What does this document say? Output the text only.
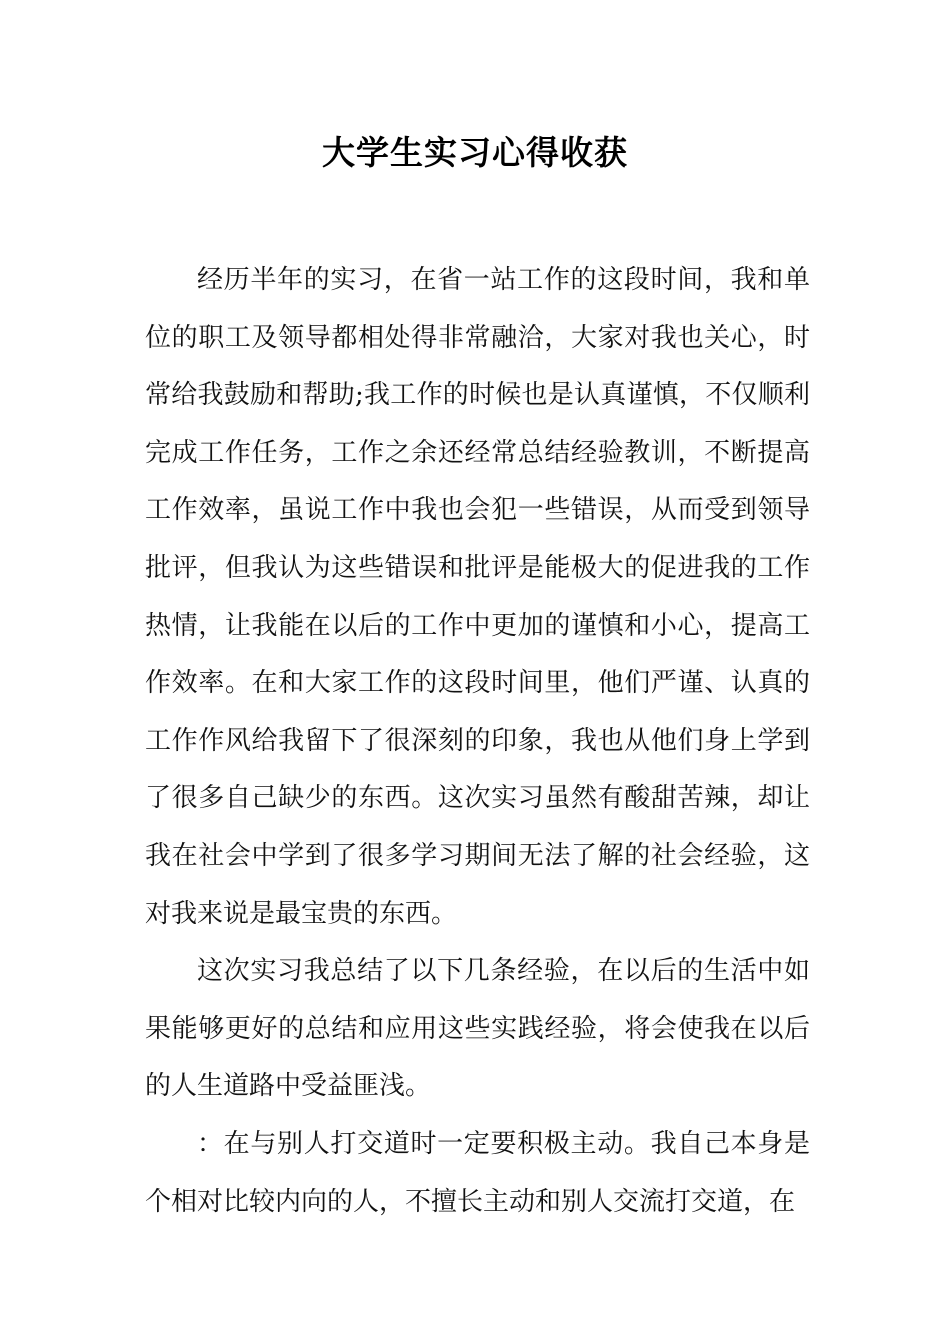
大学生实习心得收获

经历半年的实习，在省一站工作的这段时间，我和单位的职工及领导都相处得非常融洽，大家对我也关心，时常给我鼓励和帮助;我工作的时候也是认真谨慎，不仅顺利完成工作任务，工作之余还经常总结经验教训，不断提高工作效率，虽说工作中我也会犯一些错误，从而受到领导批评，但我认为这些错误和批评是能极大的促进我的工作热情，让我能在以后的工作中更加的谨慎和小心，提高工作效率。在和大家工作的这段时间里，他们严谨、认真的工作作风给我留下了很深刻的印象，我也从他们身上学到了很多自己缺少的东西。这次实习虽然有酸甜苦辣，却让我在社会中学到了很多学习期间无法了解的社会经验，这对我来说是最宝贵的东西。

这次实习我总结了以下几条经验，在以后的生活中如果能够更好的总结和应用这些实践经验，将会使我在以后的人生道路中受益匪浅。

：在与别人打交道时一定要积极主动。我自己本身是个相对比较内向的人，不擅长主动和别人交流打交道，在
